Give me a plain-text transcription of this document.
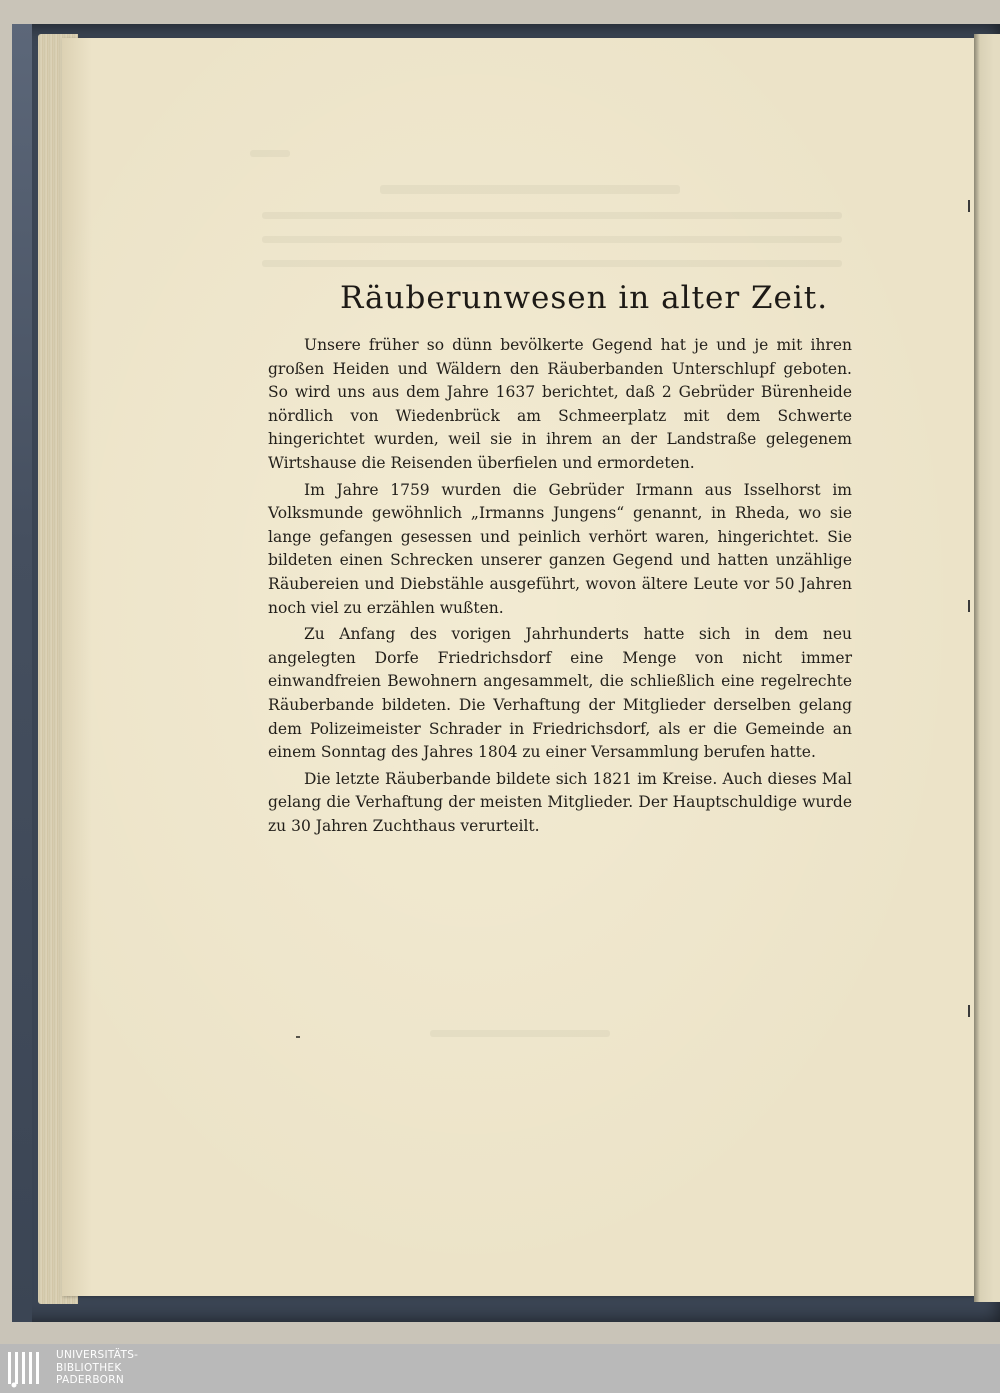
Räuberunwesen in alter Zeit.

Unsere früher so dünn bevölkerte Gegend hat je und je mit ihren großen Heiden und Wäldern den Räuberbanden Unterschlupf geboten. So wird uns aus dem Jahre 1637 berichtet, daß 2 Gebrüder Bürenheide nördlich von Wiedenbrück am Schmeerplatz mit dem Schwerte hingerichtet wurden, weil sie in ihrem an der Landstraße gelegenem Wirtshause die Reisenden überfielen und ermordeten.

Im Jahre 1759 wurden die Gebrüder Irmann aus Isselhorst im Volksmunde gewöhnlich „Irmanns Jungens“ genannt, in Rheda, wo sie lange gefangen gesessen und peinlich verhört waren, hingerichtet. Sie bildeten einen Schrecken unserer ganzen Gegend und hatten unzählige Räubereien und Diebstähle ausgeführt, wovon ältere Leute vor 50 Jahren noch viel zu erzählen wußten.

Zu Anfang des vorigen Jahrhunderts hatte sich in dem neu angelegten Dorfe Friedrichsdorf eine Menge von nicht immer einwandfreien Bewohnern angesammelt, die schließlich eine regelrechte Räuberbande bildeten. Die Verhaftung der Mitglieder derselben gelang dem Polizeimeister Schrader in Friedrichsdorf, als er die Gemeinde an einem Sonntag des Jahres 1804 zu einer Versammlung berufen hatte.

Die letzte Räuberbande bildete sich 1821 im Kreise. Auch dieses Mal gelang die Verhaftung der meisten Mitglieder. Der Hauptschuldige wurde zu 30 Jahren Zuchthaus verurteilt.

UNIVERSITÄTS-
BIBLIOTHEK
PADERBORN
